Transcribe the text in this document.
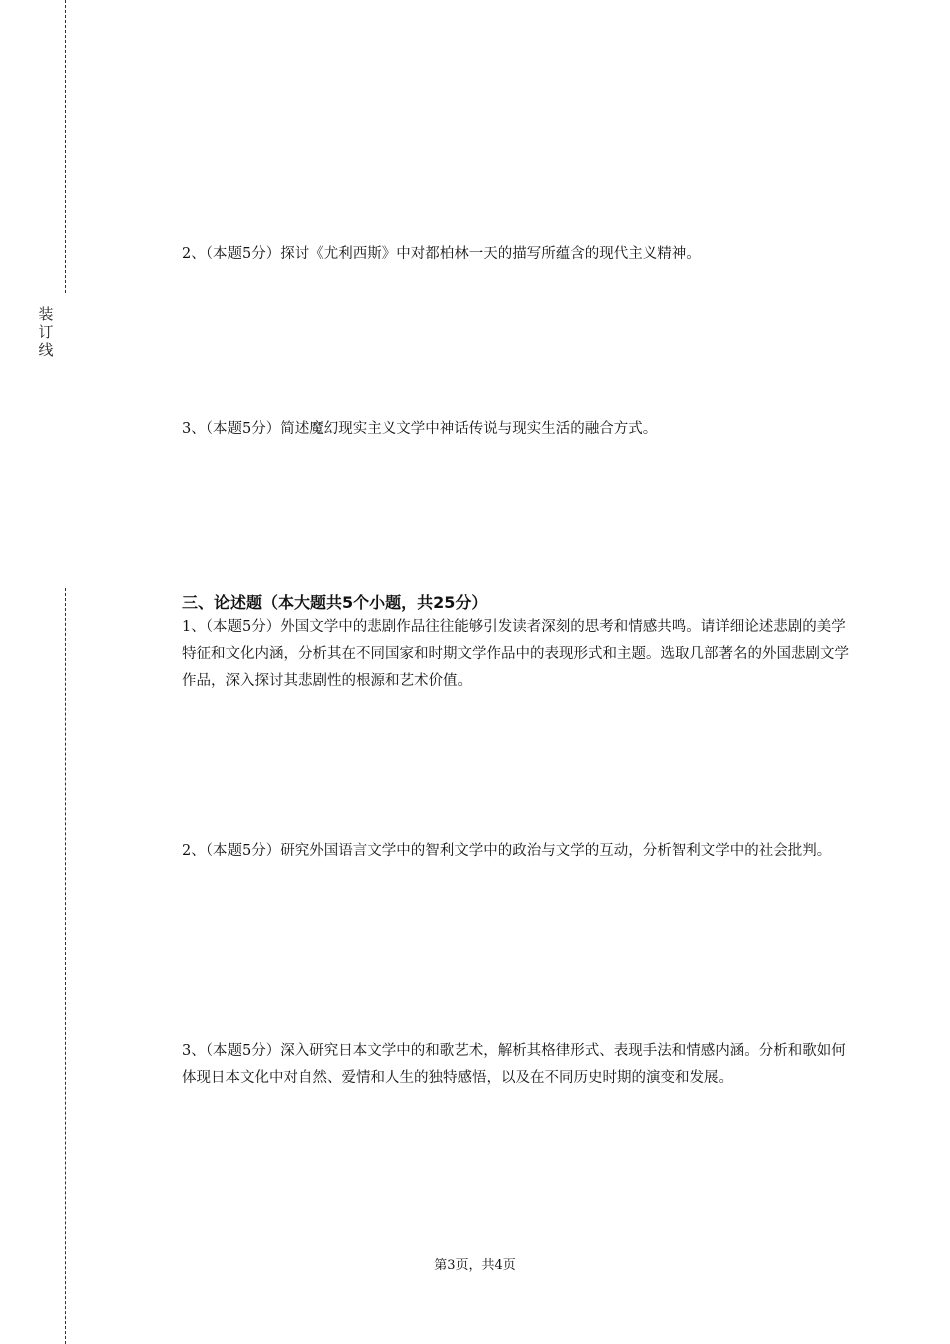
装
订
线
2、（本题5分）探讨《尤利西斯》中对都柏林一天的描写所蕴含的现代主义精神。
3、（本题5分）简述魔幻现实主义文学中神话传说与现实生活的融合方式。
三、论述题（本大题共5个小题，共25分）
1、（本题5分）外国文学中的悲剧作品往往能够引发读者深刻的思考和情感共鸣。请详细论述悲剧的美学特征和文化内涵，分析其在不同国家和时期文学作品中的表现形式和主题。选取几部著名的外国悲剧文学作品，深入探讨其悲剧性的根源和艺术价值。
2、（本题5分）研究外国语言文学中的智利文学中的政治与文学的互动，分析智利文学中的社会批判。
3、（本题5分）深入研究日本文学中的和歌艺术，解析其格律形式、表现手法和情感内涵。分析和歌如何体现日本文化中对自然、爱情和人生的独特感悟，以及在不同历史时期的演变和发展。
第3页，共4页
